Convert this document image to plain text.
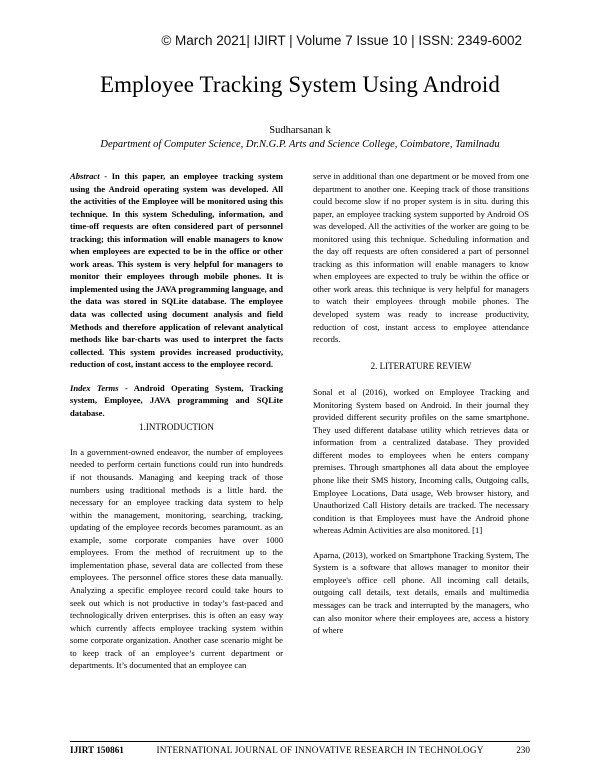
© March 2021| IJIRT | Volume 7 Issue 10 | ISSN: 2349-6002
Employee Tracking System Using Android
Sudharsanan k
Department of Computer Science, Dr.N.G.P. Arts and Science College, Coimbatore, Tamilnadu

Abstract - In this paper, an employee tracking system using the Android operating system was developed. All the activities of the Employee will be monitored using this technique. In this system Scheduling, information, and time-off requests are often considered part of personnel tracking; this information will enable managers to know when employees are expected to be in the office or other work areas. This system is very helpful for managers to monitor their employees through mobile phones. It is implemented using the JAVA programming language, and the data was stored in SQLite database. The employee data was collected using document analysis and field Methods and therefore application of relevant analytical methods like bar-charts was used to interpret the facts collected. This system provides increased productivity, reduction of cost, instant access to the employee record.

Index Terms - Android Operating System, Tracking system, Employee, JAVA programming and SQLite database.

1.INTRODUCTION

In a government-owned endeavor, the number of employees needed to perform certain functions could run into hundreds if not thousands. Managing and keeping track of those numbers using traditional methods is a little hard. the necessary for an employee tracking data system to help within the management, monitoring, searching, tracking, updating of the employee records becomes paramount. as an example, some corporate companies have over 1000 employees. From the method of recruitment up to the implementation phase, several data are collected from these employees. The personnel office stores these data manually. Analyzing a specific employee record could take hours to seek out which is not productive in today’s fast-paced and technologically driven enterprises. this is often an easy way which currently affects employee tracking system within some corporate organization. Another case scenario might be to keep track of an employee’s current department or departments. It’s documented that an employee can

serve in additional than one department or be moved from one department to another one. Keeping track of those transitions could become slow if no proper system is in situ. during this paper, an employee tracking system supported by Android OS was developed. All the activities of the worker are going to be monitored using this technique. Scheduling information and the day off requests are often considered a part of personnel tracking as this information will enable managers to know when employees are expected to truly be within the office or other work areas. this technique is very helpful for managers to watch their employees through mobile phones. The developed system was ready to increase productivity, reduction of cost, instant access to employee attendance records.

2. LITERATURE REVIEW

Sonal et al (2016), worked on Employee Tracking and Monitoring System based on Android. In their journal they provided different security profiles on the same smartphone. They used different database utility which retrieves data or information from a centralized database. They provided different modes to employees when he enters company premises. Through smartphones all data about the employee phone like their SMS history, Incoming calls, Outgoing calls, Employee Locations, Data usage, Web browser history, and Unauthorized Call History details are tracked. The necessary condition is that Employees must have the Android phone whereas Admin Activities are also monitored. [1]

Aparna, (2013), worked on Smartphone Tracking System, The System is a software that allows manager to monitor their employee's office cell phone. All incoming call details, outgoing call details, text details, emails and multimedia messages can be track and interrupted by the managers, who can also monitor where their employees are, access a history of where

IJIRT 150861	INTERNATIONAL JOURNAL OF INNOVATIVE RESEARCH IN TECHNOLOGY	230
